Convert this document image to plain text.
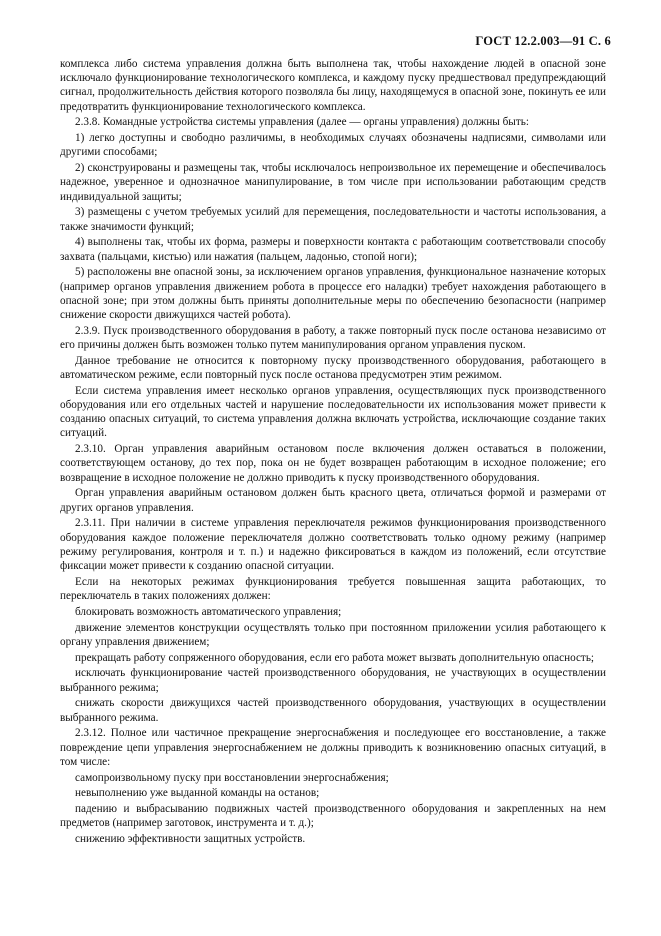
ГОСТ 12.2.003—91 С. 6

комплекса либо система управления должна быть выполнена так, чтобы нахождение людей в опасной зоне исключало функционирование технологического комплекса, и каждому пуску предшествовал предупреждающий сигнал, продолжительность действия которого позволяла бы лицу, находящемуся в опасной зоне, покинуть ее или предотвратить функционирование технологического комплекса.

2.3.8. Командные устройства системы управления (далее — органы управления) должны быть:

1) легко доступны и свободно различимы, в необходимых случаях обозначены надписями, символами или другими способами;

2) сконструированы и размещены так, чтобы исключалось непроизвольное их перемещение и обеспечивалось надежное, уверенное и однозначное манипулирование, в том числе при использовании работающим средств индивидуальной защиты;

3) размещены с учетом требуемых усилий для перемещения, последовательности и частоты использования, а также значимости функций;

4) выполнены так, чтобы их форма, размеры и поверхности контакта с работающим соответствовали способу захвата (пальцами, кистью) или нажатия (пальцем, ладонью, стопой ноги);

5) расположены вне опасной зоны, за исключением органов управления, функциональное назначение которых (например органов управления движением робота в процессе его наладки) требует нахождения работающего в опасной зоне; при этом должны быть приняты дополнительные меры по обеспечению безопасности (например снижение скорости движущихся частей робота).

2.3.9. Пуск производственного оборудования в работу, а также повторный пуск после останова независимо от его причины должен быть возможен только путем манипулирования органом управления пуском.

Данное требование не относится к повторному пуску производственного оборудования, работающего в автоматическом режиме, если повторный пуск после останова предусмотрен этим режимом.

Если система управления имеет несколько органов управления, осуществляющих пуск производственного оборудования или его отдельных частей и нарушение последовательности их использования может привести к созданию опасных ситуаций, то система управления должна включать устройства, исключающие создание таких ситуаций.

2.3.10. Орган управления аварийным остановом после включения должен оставаться в положении, соответствующем останову, до тех пор, пока он не будет возвращен работающим в исходное положение; его возвращение в исходное положение не должно приводить к пуску производственного оборудования.

Орган управления аварийным остановом должен быть красного цвета, отличаться формой и размерами от других органов управления.

2.3.11. При наличии в системе управления переключателя режимов функционирования производственного оборудования каждое положение переключателя должно соответствовать только одному режиму (например режиму регулирования, контроля и т. п.) и надежно фиксироваться в каждом из положений, если отсутствие фиксации может привести к созданию опасной ситуации.

Если на некоторых режимах функционирования требуется повышенная защита работающих, то переключатель в таких положениях должен:

блокировать возможность автоматического управления;

движение элементов конструкции осуществлять только при постоянном приложении усилия работающего к органу управления движением;

прекращать работу сопряженного оборудования, если его работа может вызвать дополнительную опасность;

исключать функционирование частей производственного оборудования, не участвующих в осуществлении выбранного режима;

снижать скорости движущихся частей производственного оборудования, участвующих в осуществлении выбранного режима.

2.3.12. Полное или частичное прекращение энергоснабжения и последующее его восстановление, а также повреждение цепи управления энергоснабжением не должны приводить к возникновению опасных ситуаций, в том числе:

самопроизвольному пуску при восстановлении энергоснабжения;

невыполнению уже выданной команды на останов;

падению и выбрасыванию подвижных частей производственного оборудования и закрепленных на нем предметов (например заготовок, инструмента и т. д.);

снижению эффективности защитных устройств.
